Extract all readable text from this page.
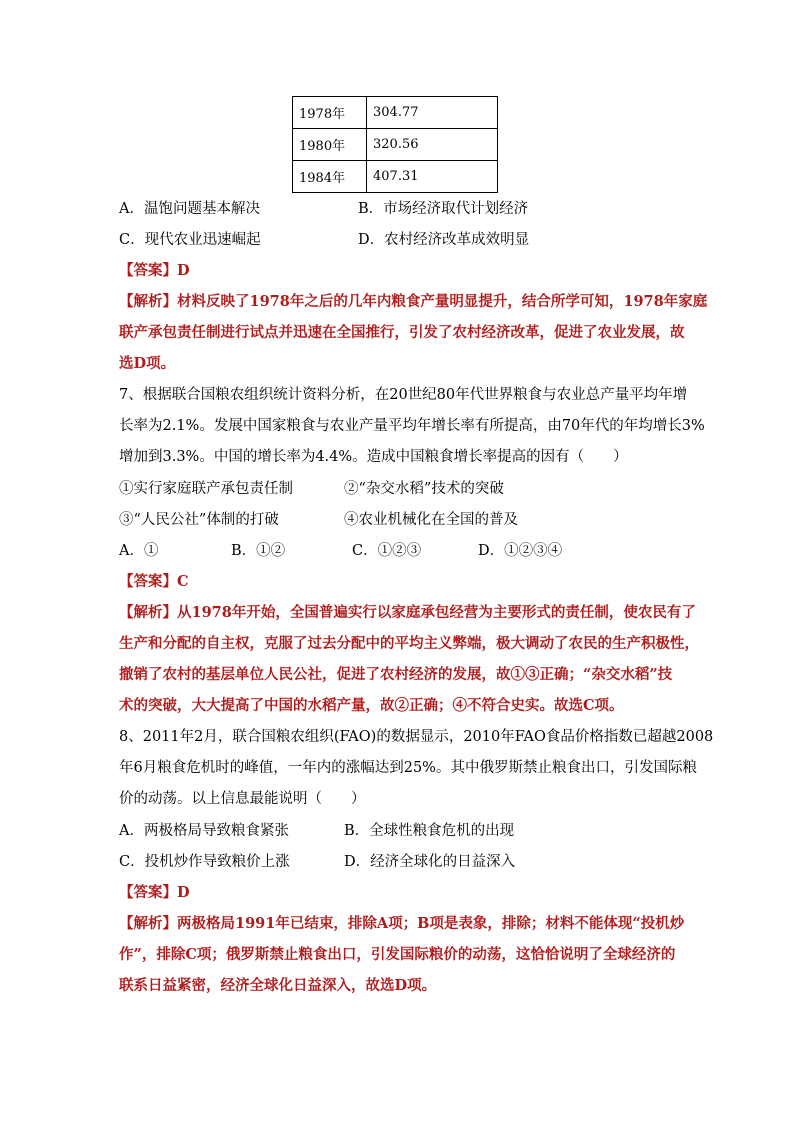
1978年	304.77
1980年	320.56
1984年	407.31
A．温饱问题基本解决	B．市场经济取代计划经济
C．现代农业迅速崛起	D．农村经济改革成效明显
【答案】D
【解析】材料反映了1978年之后的几年内粮食产量明显提升，结合所学可知，1978年家庭
联产承包责任制进行试点并迅速在全国推行，引发了农村经济改革，促进了农业发展，故
选D项。
7、根据联合国粮农组织统计资料分析，在20世纪80年代世界粮食与农业总产量平均年增
长率为2.1%。发展中国家粮食与农业产量平均年增长率有所提高，由70年代的年均增长3%
增加到3.3%。中国的增长率为4.4%。造成中国粮食增长率提高的因有（　　）
①实行家庭联产承包责任制	②“杂交水稻”技术的突破
③“人民公社”体制的打破	④农业机械化在全国的普及
A．①	B．①②	C．①②③	D．①②③④
【答案】C
【解析】从1978年开始，全国普遍实行以家庭承包经营为主要形式的责任制，使农民有了
生产和分配的自主权，克服了过去分配中的平均主义弊端，极大调动了农民的生产积极性，
撤销了农村的基层单位人民公社，促进了农村经济的发展，故①③正确；“杂交水稻”技
术的突破，大大提高了中国的水稻产量，故②正确；④不符合史实。故选C项。
8、2011年2月，联合国粮农组织(FAO)的数据显示，2010年FAO食品价格指数已超越2008
年6月粮食危机时的峰值，一年内的涨幅达到25%。其中俄罗斯禁止粮食出口，引发国际粮
价的动荡。以上信息最能说明（　　）
A．两极格局导致粮食紧张	B．全球性粮食危机的出现
C．投机炒作导致粮价上涨	D．经济全球化的日益深入
【答案】D
【解析】两极格局1991年已结束，排除A项；B项是表象，排除；材料不能体现“投机炒
作”，排除C项；俄罗斯禁止粮食出口，引发国际粮价的动荡，这恰恰说明了全球经济的
联系日益紧密，经济全球化日益深入，故选D项。
